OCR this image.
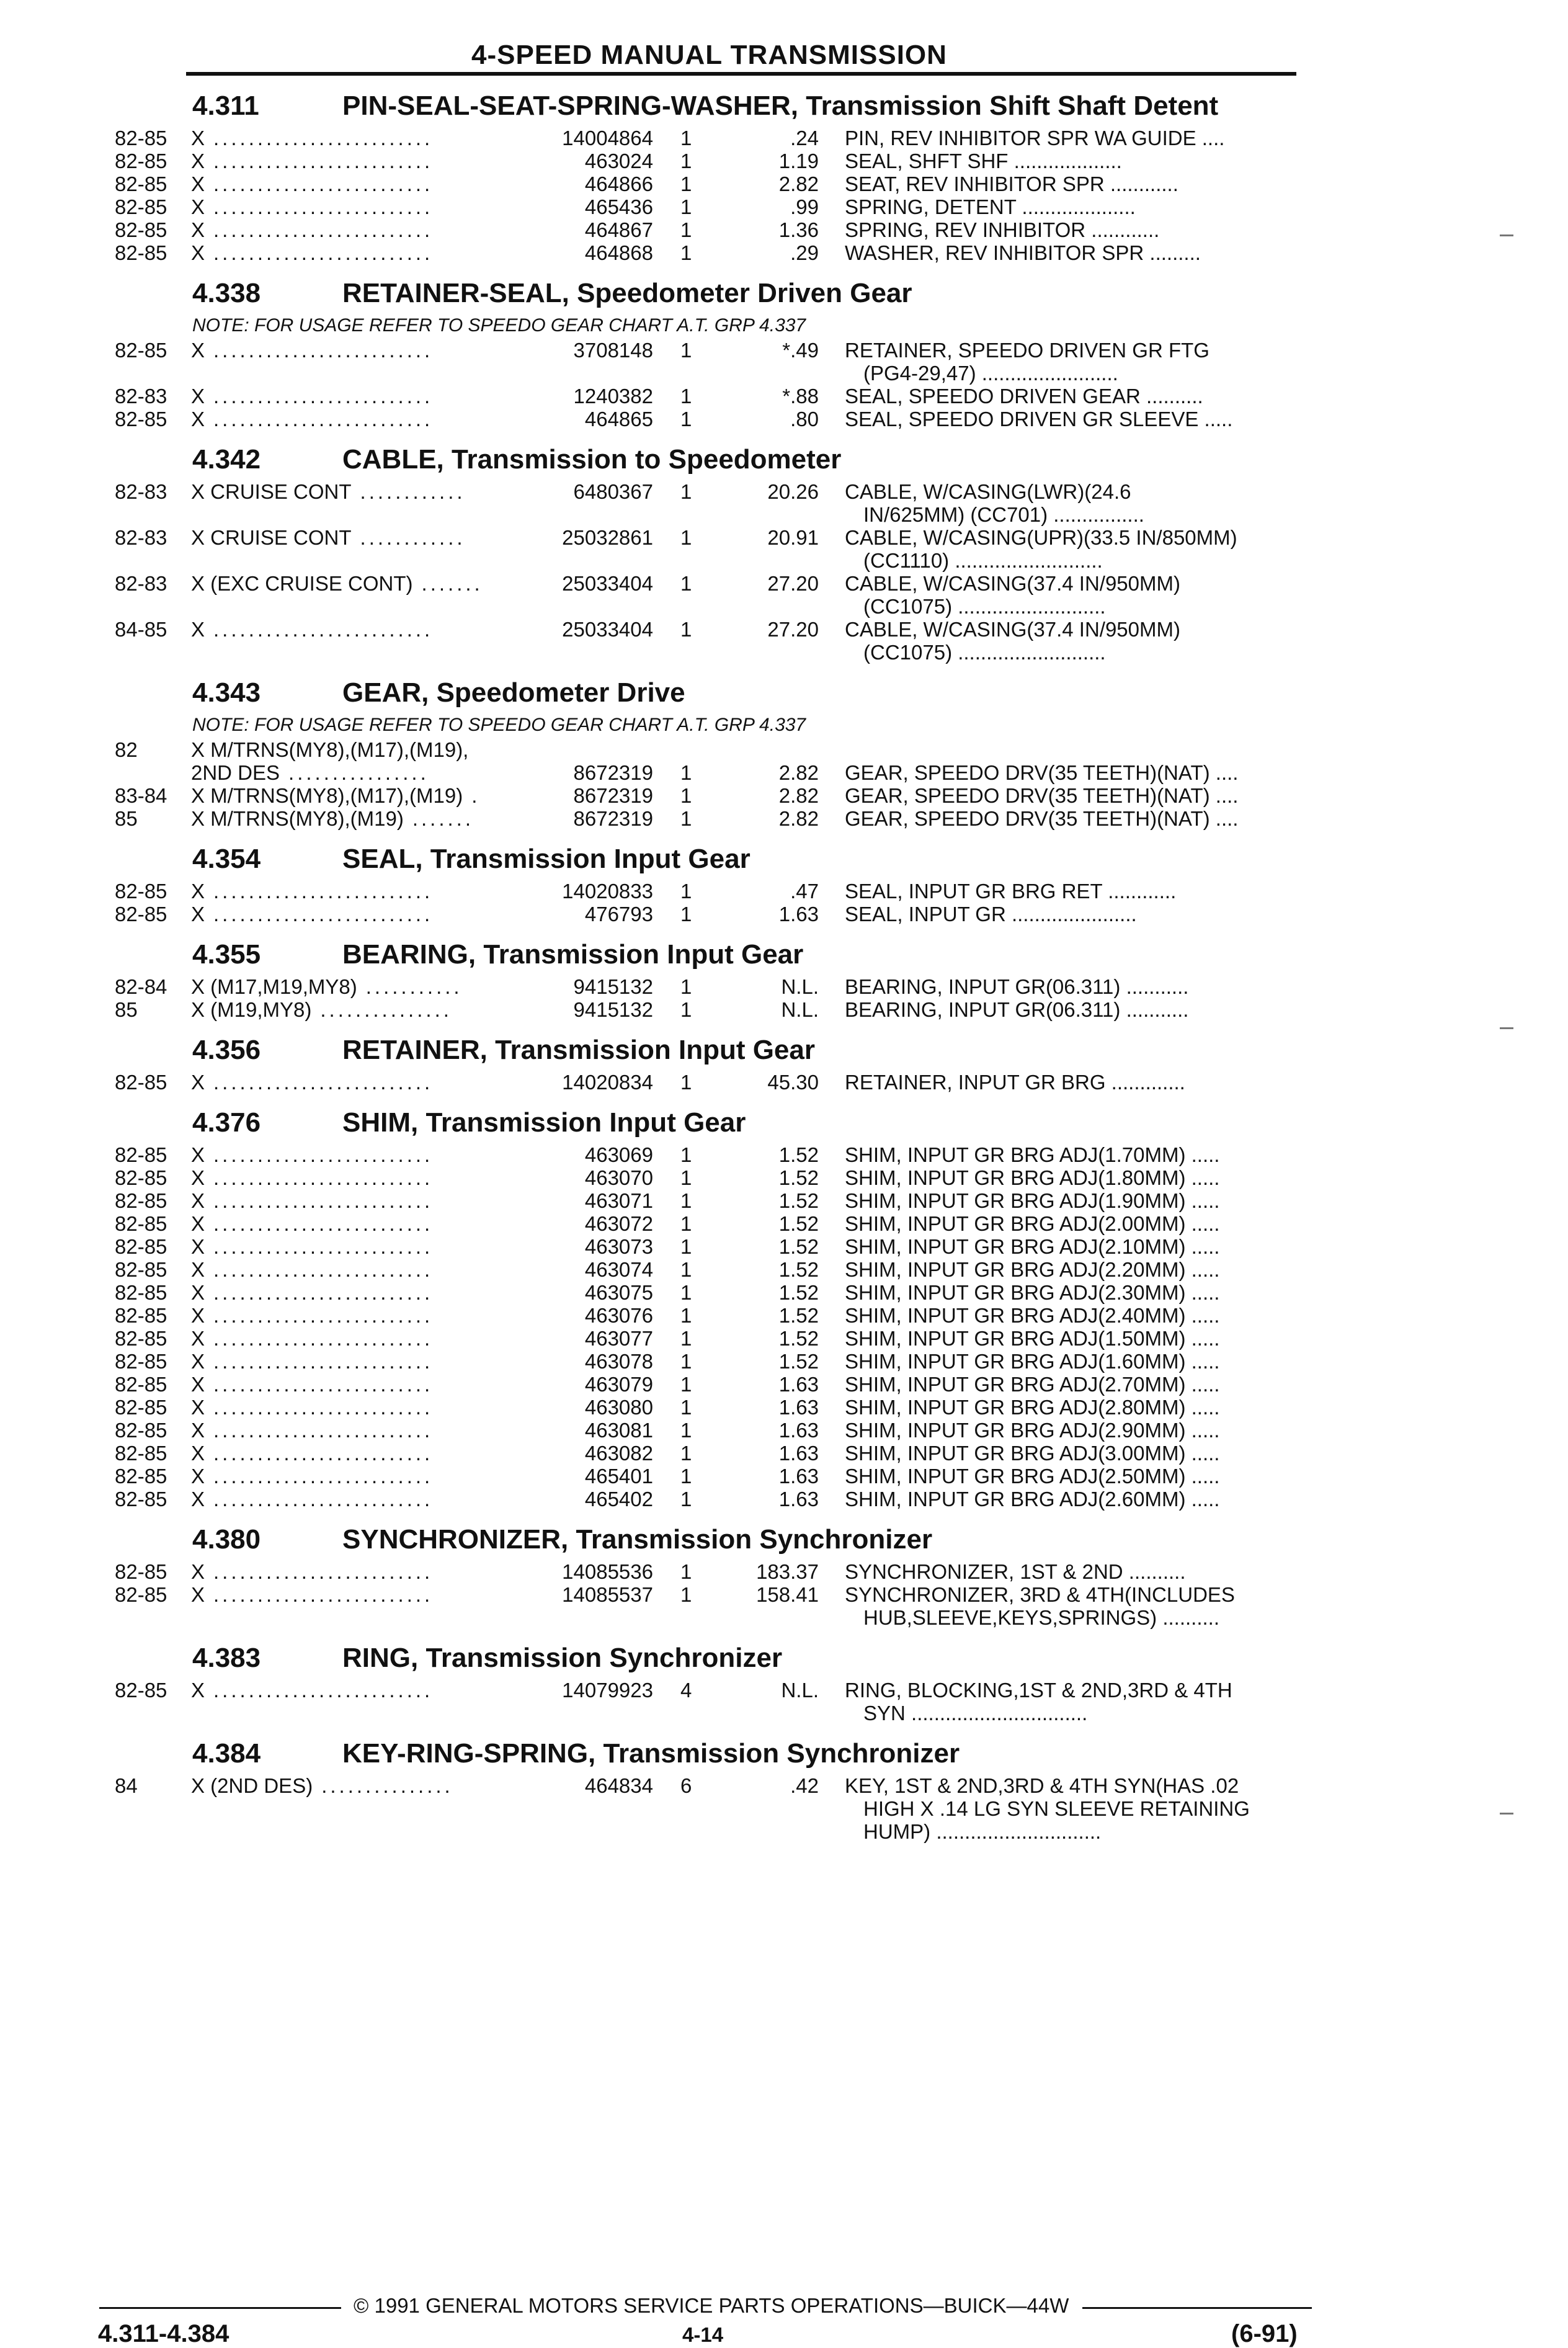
4-SPEED MANUAL TRANSMISSION
4.311	PIN-SEAL-SEAT-SPRING-WASHER, Transmission Shift Shaft Detent
82-85 X .........................	14004864 1	.24 PIN, REV INHIBITOR SPR WA GUIDE ....
82-85 X .........................	463024 1	1.19 SEAL, SHFT SHF ...................
82-85 X .........................	464866 1	2.82 SEAT, REV INHIBITOR SPR ............
82-85 X .........................	465436 1	.99 SPRING, DETENT ....................
82-85 X .........................	464867 1	1.36 SPRING, REV INHIBITOR ............
82-85 X .........................	464868 1	.29 WASHER, REV INHIBITOR SPR .........
4.338	RETAINER-SEAL, Speedometer Driven Gear
NOTE: FOR USAGE REFER TO SPEEDO GEAR CHART A.T. GRP 4.337
82-85 X .........................	3708148 1	*.49 RETAINER, SPEEDO DRIVEN GR FTG
(PG4-29,47) ........................
82-83 X .........................	1240382 1	*.88 SEAL, SPEEDO DRIVEN GEAR ..........
82-85 X .........................	464865 1	.80 SEAL, SPEEDO DRIVEN GR SLEEVE .....
4.342	CABLE, Transmission to Speedometer
82-83 X CRUISE CONT ............	6480367 1	20.26 CABLE, W/CASING(LWR)(24.6
IN/625MM) (CC701) ................
82-83 X CRUISE CONT ............	25032861 1	20.91 CABLE, W/CASING(UPR)(33.5 IN/850MM)
(CC1110) ..........................
82-83 X (EXC CRUISE CONT) .......	25033404 1	27.20 CABLE, W/CASING(37.4 IN/950MM)
(CC1075) ..........................
84-85 X .........................	25033404 1	27.20 CABLE, W/CASING(37.4 IN/950MM)
(CC1075) ..........................
4.343	GEAR, Speedometer Drive
NOTE: FOR USAGE REFER TO SPEEDO GEAR CHART A.T. GRP 4.337
82	X M/TRNS(MY8),(M17),(M19),
2ND DES ................	8672319 1	2.82 GEAR, SPEEDO DRV(35 TEETH)(NAT) ....
83-84 X M/TRNS(MY8),(M17),(M19) .	8672319 1	2.82 GEAR, SPEEDO DRV(35 TEETH)(NAT) ....
85	X M/TRNS(MY8),(M19) .......	8672319 1	2.82 GEAR, SPEEDO DRV(35 TEETH)(NAT) ....
4.354	SEAL, Transmission Input Gear
82-85 X .........................	14020833 1	.47 SEAL, INPUT GR BRG RET ............
82-85 X .........................	476793 1	1.63 SEAL, INPUT GR ......................
4.355	BEARING, Transmission Input Gear
82-84 X (M17,M19,MY8) ...........	9415132 1	N.L. BEARING, INPUT GR(06.311) ...........
85	X (M19,MY8) ...............	9415132 1	N.L. BEARING, INPUT GR(06.311) ...........
4.356	RETAINER, Transmission Input Gear
82-85 X .........................	14020834 1	45.30 RETAINER, INPUT GR BRG .............
4.376	SHIM, Transmission Input Gear
82-85 X .........................	463069 1	1.52 SHIM, INPUT GR BRG ADJ(1.70MM) .....
82-85 X .........................	463070 1	1.52 SHIM, INPUT GR BRG ADJ(1.80MM) .....
82-85 X .........................	463071 1	1.52 SHIM, INPUT GR BRG ADJ(1.90MM) .....
82-85 X .........................	463072 1	1.52 SHIM, INPUT GR BRG ADJ(2.00MM) .....
82-85 X .........................	463073 1	1.52 SHIM, INPUT GR BRG ADJ(2.10MM) .....
82-85 X .........................	463074 1	1.52 SHIM, INPUT GR BRG ADJ(2.20MM) .....
82-85 X .........................	463075 1	1.52 SHIM, INPUT GR BRG ADJ(2.30MM) .....
82-85 X .........................	463076 1	1.52 SHIM, INPUT GR BRG ADJ(2.40MM) .....
82-85 X .........................	463077 1	1.52 SHIM, INPUT GR BRG ADJ(1.50MM) .....
82-85 X .........................	463078 1	1.52 SHIM, INPUT GR BRG ADJ(1.60MM) .....
82-85 X .........................	463079 1	1.63 SHIM, INPUT GR BRG ADJ(2.70MM) .....
82-85 X .........................	463080 1	1.63 SHIM, INPUT GR BRG ADJ(2.80MM) .....
82-85 X .........................	463081 1	1.63 SHIM, INPUT GR BRG ADJ(2.90MM) .....
82-85 X .........................	463082 1	1.63 SHIM, INPUT GR BRG ADJ(3.00MM) .....
82-85 X .........................	465401 1	1.63 SHIM, INPUT GR BRG ADJ(2.50MM) .....
82-85 X .........................	465402 1	1.63 SHIM, INPUT GR BRG ADJ(2.60MM) .....
4.380	SYNCHRONIZER, Transmission Synchronizer
82-85 X .........................	14085536 1	183.37 SYNCHRONIZER, 1ST & 2ND ..........
82-85 X .........................	14085537 1	158.41 SYNCHRONIZER, 3RD & 4TH(INCLUDES
HUB,SLEEVE,KEYS,SPRINGS) ..........
4.383	RING, Transmission Synchronizer
82-85 X .........................	14079923 4	N.L. RING, BLOCKING,1ST & 2ND,3RD & 4TH
SYN ...............................
4.384	KEY-RING-SPRING, Transmission Synchronizer
84	X (2ND DES) ...............	464834 6	.42 KEY, 1ST & 2ND,3RD & 4TH SYN(HAS .02
HIGH X .14 LG SYN SLEEVE RETAINING
HUMP) .............................
© 1991 GENERAL MOTORS SERVICE PARTS OPERATIONS—BUICK—44W
4.311-4.384	4-14	(6-91)
